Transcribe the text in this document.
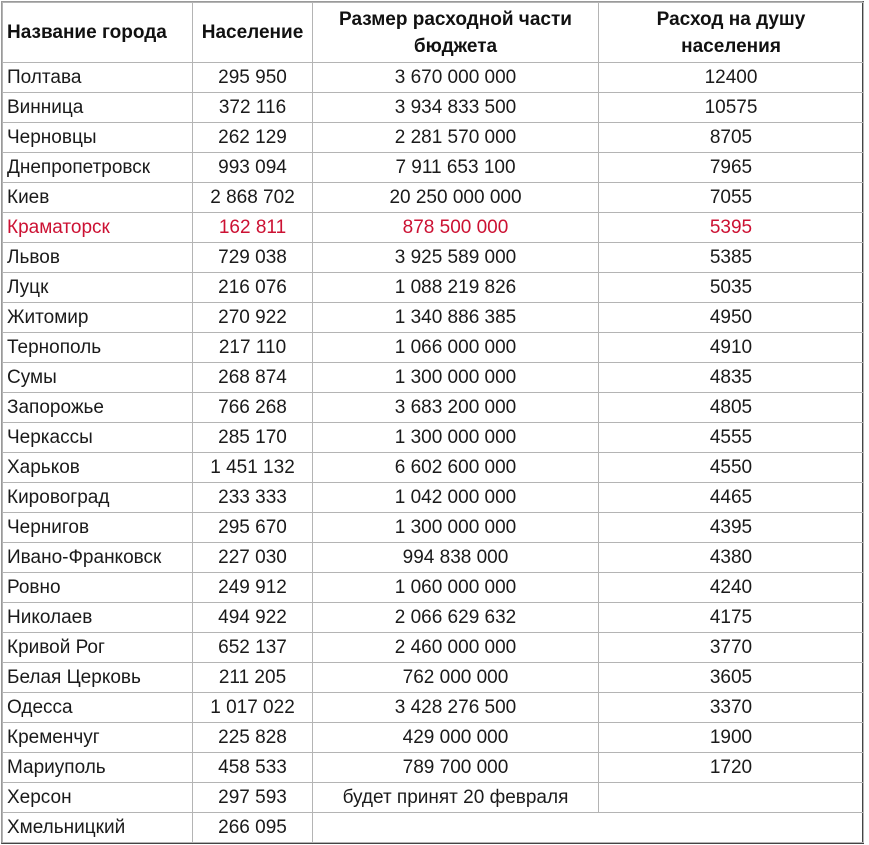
Название города	Население	Размер расходной части бюджета	Расход на душу населения
Полтава	295 950	3 670 000 000	12400
Винница	372 116	3 934 833 500	10575
Черновцы	262 129	2 281 570 000	8705
Днепропетровск	993 094	7 911 653 100	7965
Киев	2 868 702	20 250 000 000	7055
Краматорск	162 811	878 500 000	5395
Львов	729 038	3 925 589 000	5385
Луцк	216 076	1 088 219 826	5035
Житомир	270 922	1 340 886 385	4950
Тернополь	217 110	1 066 000 000	4910
Сумы	268 874	1 300 000 000	4835
Запорожье	766 268	3 683 200 000	4805
Черкассы	285 170	1 300 000 000	4555
Харьков	1 451 132	6 602 600 000	4550
Кировоград	233 333	1 042 000 000	4465
Чернигов	295 670	1 300 000 000	4395
Ивано-Франковск	227 030	994 838 000	4380
Ровно	249 912	1 060 000 000	4240
Николаев	494 922	2 066 629 632	4175
Кривой Рог	652 137	2 460 000 000	3770
Белая Церковь	211 205	762 000 000	3605
Одесса	1 017 022	3 428 276 500	3370
Кременчуг	225 828	429 000 000	1900
Мариуполь	458 533	789 700 000	1720
Херсон	297 593	будет принят 20 февраля	
Хмельницкий	266 095		
